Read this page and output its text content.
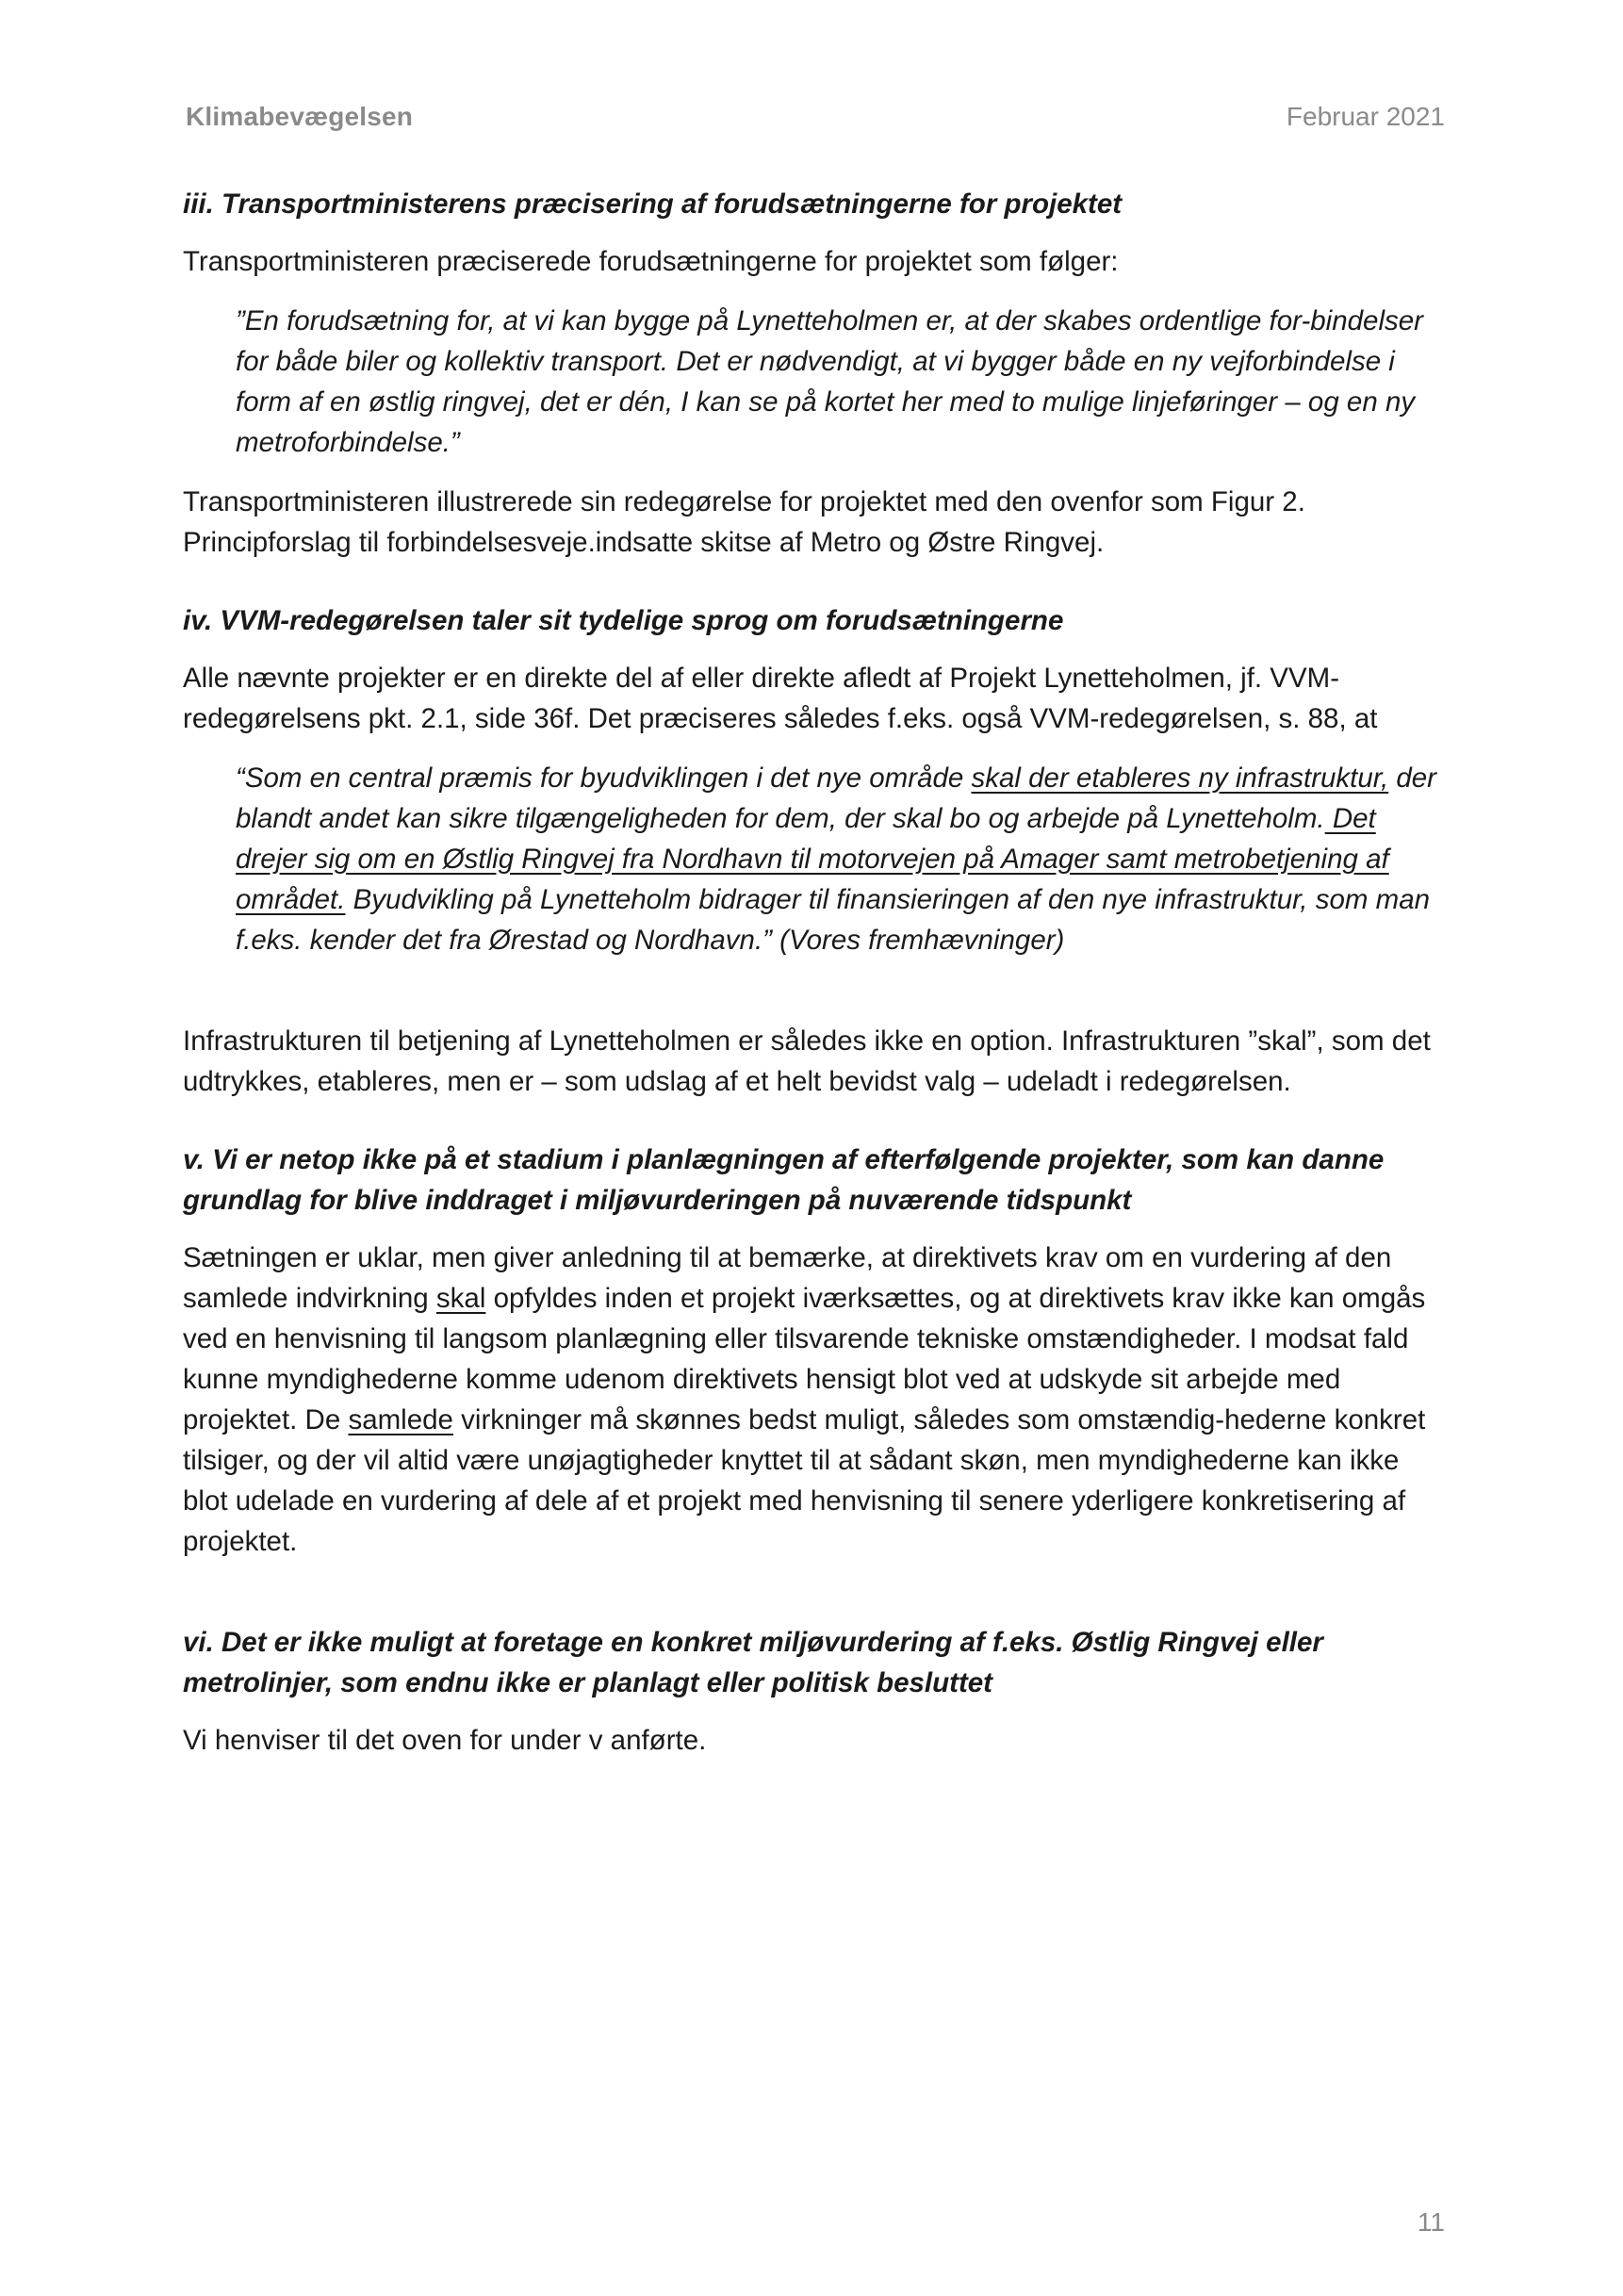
Klimabevægelsen	Februar 2021

iii. Transportministerens præcisering af forudsætningerne for projektet

Transportministeren præciserede forudsætningerne for projektet som følger:

”En forudsætning for, at vi kan bygge på Lynetteholmen er, at der skabes ordentlige for-bindelser for både biler og kollektiv transport. Det er nødvendigt, at vi bygger både en ny vejforbindelse i form af en østlig ringvej, det er dén, I kan se på kortet her med to mulige linjeføringer – og en ny metroforbindelse.”

Transportministeren illustrerede sin redegørelse for projektet med den ovenfor som Figur 2. Principforslag til forbindelsesveje.indsatte skitse af Metro og Østre Ringvej.

iv. VVM-redegørelsen taler sit tydelige sprog om forudsætningerne

Alle nævnte projekter er en direkte del af eller direkte afledt af Projekt Lynetteholmen, jf. VVM-redegørelsens pkt. 2.1, side 36f. Det præciseres således f.eks. også VVM-redegørelsen, s. 88, at

“Som en central præmis for byudviklingen i det nye område skal der etableres ny infrastruktur, der blandt andet kan sikre tilgængeligheden for dem, der skal bo og arbejde på Lynetteholm. Det drejer sig om en Østlig Ringvej fra Nordhavn til motorvejen på Amager samt metrobetjening af området. Byudvikling på Lynetteholm bidrager til finansieringen af den nye infrastruktur, som man f.eks. kender det fra Ørestad og Nordhavn.” (Vores fremhævninger)

Infrastrukturen til betjening af Lynetteholmen er således ikke en option. Infrastrukturen ”skal”, som det udtrykkes, etableres, men er – som udslag af et helt bevidst valg – udeladt i redegørelsen.

v. Vi er netop ikke på et stadium i planlægningen af efterfølgende projekter, som kan danne grundlag for blive inddraget i miljøvurderingen på nuværende tidspunkt

Sætningen er uklar, men giver anledning til at bemærke, at direktivets krav om en vurdering af den samlede indvirkning skal opfyldes inden et projekt iværksættes, og at direktivets krav ikke kan omgås ved en henvisning til langsom planlægning eller tilsvarende tekniske omstændigheder. I modsat fald kunne myndighederne komme udenom direktivets hensigt blot ved at udskyde sit arbejde med projektet. De samlede virkninger må skønnes bedst muligt, således som omstændig-hederne konkret tilsiger, og der vil altid være unøjagtigheder knyttet til at sådant skøn, men myndighederne kan ikke blot udelade en vurdering af dele af et projekt med henvisning til senere yderligere konkretisering af projektet.

vi. Det er ikke muligt at foretage en konkret miljøvurdering af f.eks. Østlig Ringvej eller metrolinjer, som endnu ikke er planlagt eller politisk besluttet

Vi henviser til det oven for under v anførte.

11
